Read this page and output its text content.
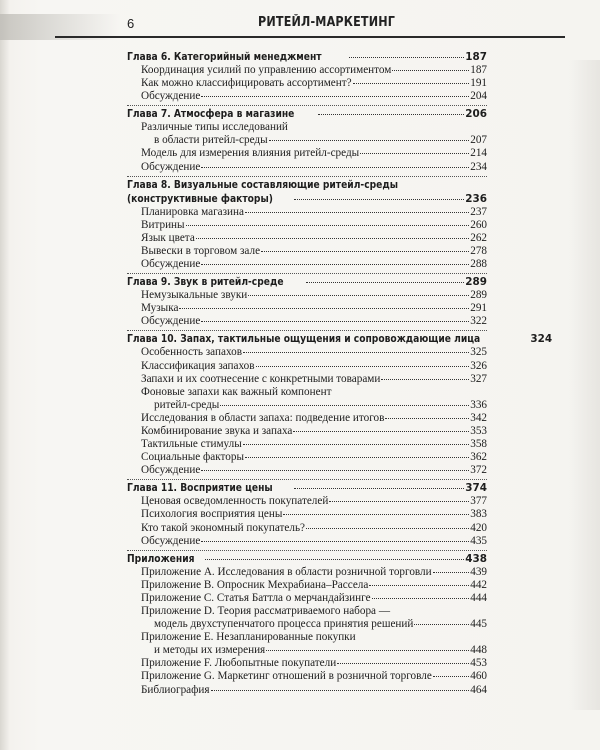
6	РИТЕЙЛ-МАРКЕТИНГ
Глава 6. Категорийный менеджмент	187
Координация усилий по управлению ассортиментом	187
Как можно классифицировать ассортимент?	191
Обсуждение	204
Глава 7. Атмосфера в магазине	206
Различные типы исследований
в области ритейл-среды	207
Модель для измерения влияния ритейл-среды	214
Обсуждение	234
Глава 8. Визуальные составляющие ритейл-среды
(конструктивные факторы)	236
Планировка магазина	237
Витрины	260
Язык цвета	262
Вывески в торговом зале	278
Обсуждение	288
Глава 9. Звук в ритейл-среде	289
Немузыкальные звуки	289
Музыка	291
Обсуждение	322
Глава 10. Запах, тактильные ощущения и сопровождающие лица	324
Особенность запахов	325
Классификация запахов	326
Запахи и их соотнесение с конкретными товарами	327
Фоновые запахи как важный компонент
ритейл-среды	336
Исследования в области запаха: подведение итогов	342
Комбинирование звука и запаха	353
Тактильные стимулы	358
Социальные факторы	362
Обсуждение	372
Глава 11. Восприятие цены	374
Ценовая осведомленность покупателей	377
Психология восприятия цены	383
Кто такой экономный покупатель?	420
Обсуждение	435
Приложения	438
Приложение A. Исследования в области розничной торговли	439
Приложение B. Опросник Мехрабиана–Рассела	442
Приложение C. Статья Баттла о мерчандайзинге	444
Приложение D. Теория рассматриваемого набора —
модель двухступенчатого процесса принятия решений	445
Приложение E. Незапланированные покупки
и методы их измерения	448
Приложение F. Любопытные покупатели	453
Приложение G. Маркетинг отношений в розничной торговле	460
Библиография	464
